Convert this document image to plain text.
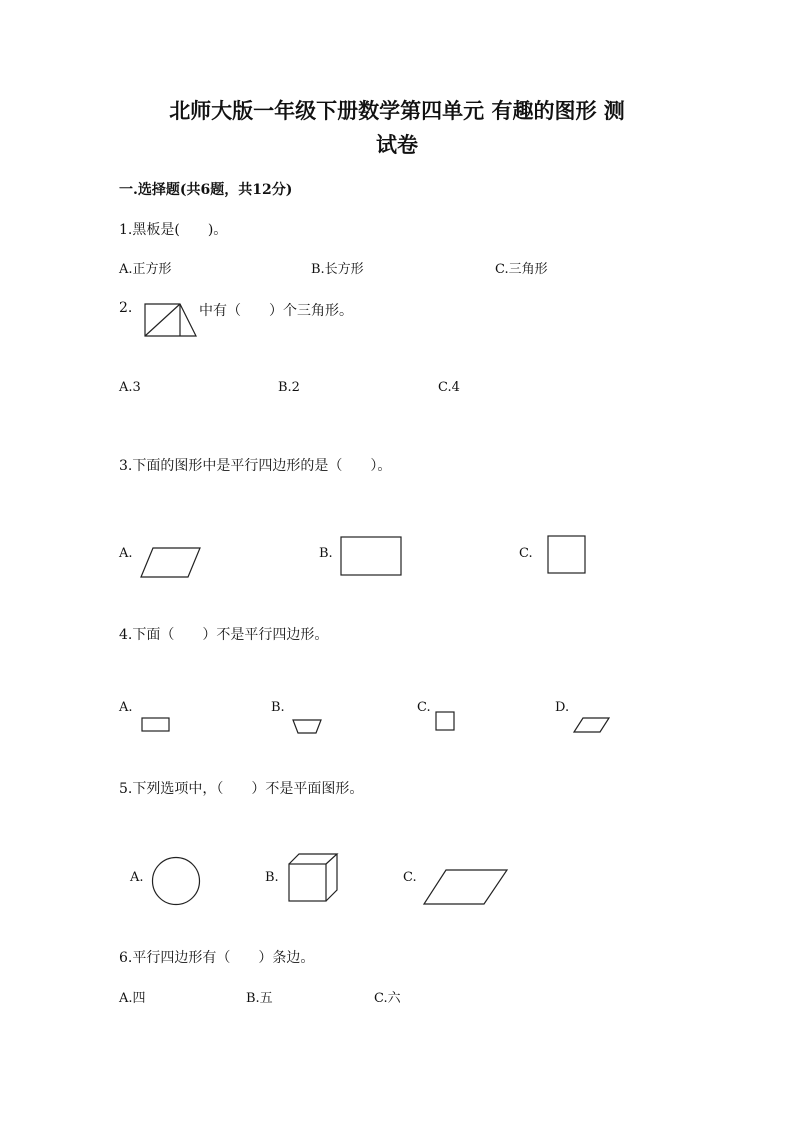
北师大版一年级下册数学第四单元 有趣的图形 测
试卷
一.选择题(共6题，共12分)
1.黑板是(　　)。
A.正方形	B.长方形	C.三角形
2.	中有（　　）个三角形。
A.3	B.2	C.4
3.下面的图形中是平行四边形的是（　　）。
A.	B.	C.
4.下面（　　）不是平行四边形。
A.	B.	C.	D.
5.下列选项中，（　　）不是平面图形。
A.	B.	C.
6.平行四边形有（　　）条边。
A.四	B.五	C.六
